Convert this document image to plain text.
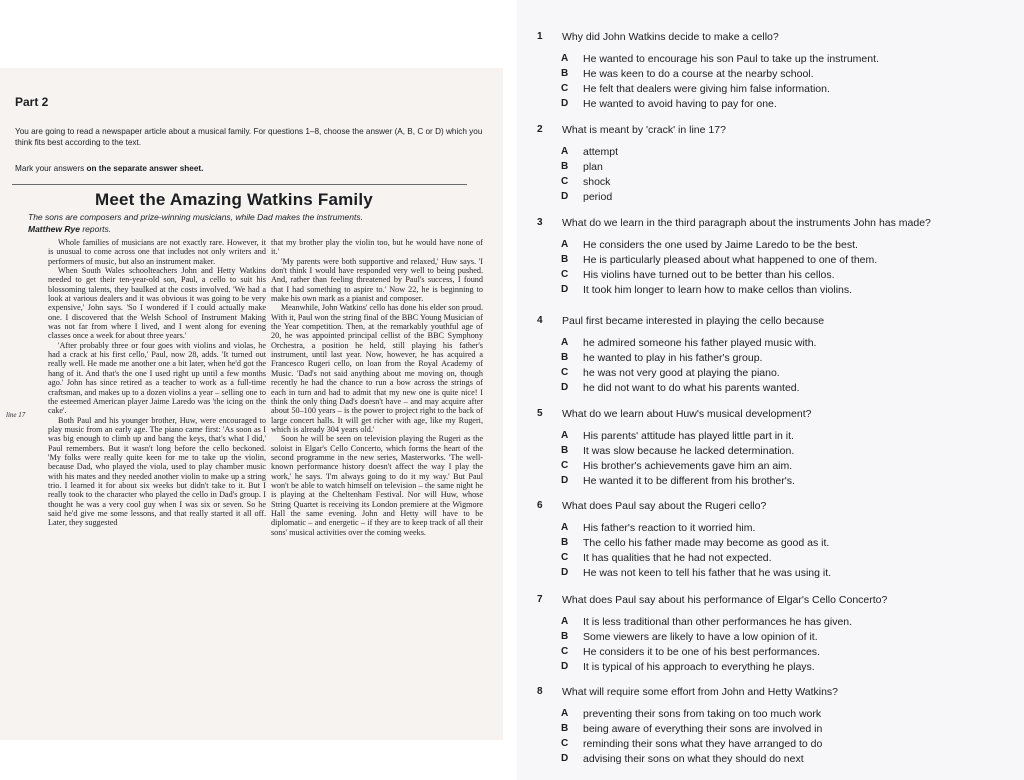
Part 2

You are going to read a newspaper article about a musical family. For questions 1–8, choose the answer (A, B, C or D) which you think fits best according to the text.

Mark your answers on the separate answer sheet.

Meet the Amazing Watkins Family

The sons are composers and prize-winning musicians, while Dad makes the instruments.

Matthew Rye reports.

line 17

Whole families of musicians are not exactly rare. However, it is unusual to come across one that includes not only writers and performers of music, but also an instrument maker.

When South Wales schoolteachers John and Hetty Watkins needed to get their ten-year-old son, Paul, a cello to suit his blossoming talents, they baulked at the costs involved. 'We had a look at various dealers and it was obvious it was going to be very expensive,' John says. 'So I wondered if I could actually make one. I discovered that the Welsh School of Instrument Making was not far from where I lived, and I went along for evening classes once a week for about three years.'

'After probably three or four goes with violins and violas, he had a crack at his first cello,' Paul, now 28, adds. 'It turned out really well. He made me another one a bit later, when he'd got the hang of it. And that's the one I used right up until a few months ago.' John has since retired as a teacher to work as a full-time craftsman, and makes up to a dozen violins a year – selling one to the esteemed American player Jaime Laredo was 'the icing on the cake'.

Both Paul and his younger brother, Huw, were encouraged to play music from an early age. The piano came first: 'As soon as I was big enough to climb up and bang the keys, that's what I did,' Paul remembers. But it wasn't long before the cello beckoned. 'My folks were really quite keen for me to take up the violin, because Dad, who played the viola, used to play chamber music with his mates and they needed another violin to make up a string trio. I learned it for about six weeks but didn't take to it. But I really took to the character who played the cello in Dad's group. I thought he was a very cool guy when I was six or seven. So he said he'd give me some lessons, and that really started it all off. Later, they suggested

that my brother play the violin too, but he would have none of it.'

'My parents were both supportive and relaxed,' Huw says. 'I don't think I would have responded very well to being pushed. And, rather than feeling threatened by Paul's success, I found that I had something to aspire to.' Now 22, he is beginning to make his own mark as a pianist and composer.

Meanwhile, John Watkins' cello has done his elder son proud. With it, Paul won the string final of the BBC Young Musician of the Year competition. Then, at the remarkably youthful age of 20, he was appointed principal cellist of the BBC Symphony Orchestra, a position he held, still playing his father's instrument, until last year. Now, however, he has acquired a Francesco Rugeri cello, on loan from the Royal Academy of Music. 'Dad's not said anything about me moving on, though recently he had the chance to run a bow across the strings of each in turn and had to admit that my new one is quite nice! I think the only thing Dad's doesn't have – and may acquire after about 50–100 years – is the power to project right to the back of large concert halls. It will get richer with age, like my Rugeri, which is already 304 years old.'

Soon he will be seen on television playing the Rugeri as the soloist in Elgar's Cello Concerto, which forms the heart of the second programme in the new series, Masterworks. 'The well-known performance history doesn't affect the way I play the work,' he says. 'I'm always going to do it my way.' But Paul won't be able to watch himself on television – the same night he is playing at the Cheltenham Festival. Nor will Huw, whose String Quartet is receiving its London premiere at the Wigmore Hall the same evening. John and Hetty will have to be diplomatic – and energetic – if they are to keep track of all their sons' musical activities over the coming weeks.

1 Why did John Watkins decide to make a cello?
A He wanted to encourage his son Paul to take up the instrument.
B He was keen to do a course at the nearby school.
C He felt that dealers were giving him false information.
D He wanted to avoid having to pay for one.
2 What is meant by 'crack' in line 17?
A attempt
B plan
C shock
D period
3 What do we learn in the third paragraph about the instruments John has made?
A He considers the one used by Jaime Laredo to be the best.
B He is particularly pleased about what happened to one of them.
C His violins have turned out to be better than his cellos.
D It took him longer to learn how to make cellos than violins.
4 Paul first became interested in playing the cello because
A he admired someone his father played music with.
B he wanted to play in his father's group.
C he was not very good at playing the piano.
D he did not want to do what his parents wanted.
5 What do we learn about Huw's musical development?
A His parents' attitude has played little part in it.
B It was slow because he lacked determination.
C His brother's achievements gave him an aim.
D He wanted it to be different from his brother's.
6 What does Paul say about the Rugeri cello?
A His father's reaction to it worried him.
B The cello his father made may become as good as it.
C It has qualities that he had not expected.
D He was not keen to tell his father that he was using it.
7 What does Paul say about his performance of Elgar's Cello Concerto?
A It is less traditional than other performances he has given.
B Some viewers are likely to have a low opinion of it.
C He considers it to be one of his best performances.
D It is typical of his approach to everything he plays.
8 What will require some effort from John and Hetty Watkins?
A preventing their sons from taking on too much work
B being aware of everything their sons are involved in
C reminding their sons what they have arranged to do
D advising their sons on what they should do next
